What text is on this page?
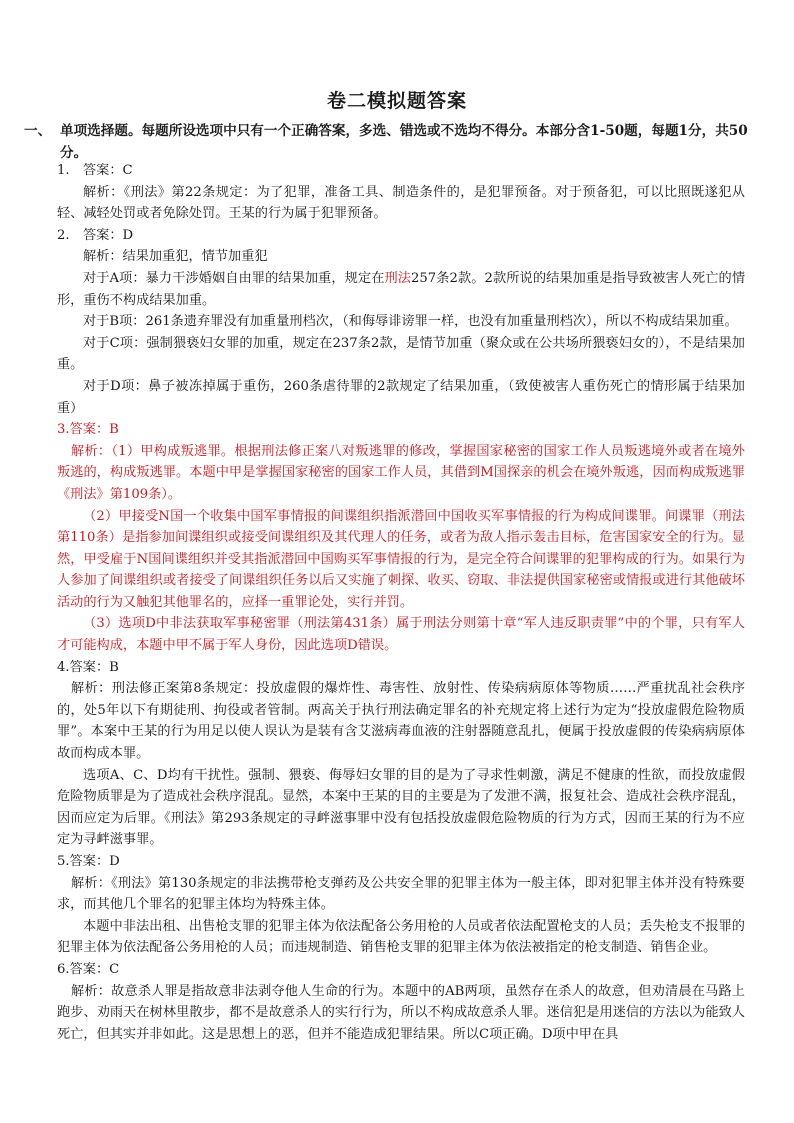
卷二模拟题答案
一、 单项选择题。每题所设选项中只有一个正确答案，多选、错选或不选均不得分。本部分含1-50题，每题1分，共50分。

1. 答案：C

解析：《刑法》第22条规定：为了犯罪，准备工具、制造条件的，是犯罪预备。对于预备犯，可以比照既遂犯从轻、减轻处罚或者免除处罚。王某的行为属于犯罪预备。

2. 答案：D

解析：结果加重犯，情节加重犯

对于A项：暴力干涉婚姻自由罪的结果加重，规定在刑法257条2款。2款所说的结果加重是指导致被害人死亡的情形，重伤不构成结果加重。

对于B项：261条遗弃罪没有加重量刑档次，（和侮辱诽谤罪一样，也没有加重量刑档次），所以不构成结果加重。

对于C项：强制猥亵妇女罪的加重，规定在237条2款，是情节加重（聚众或在公共场所猥亵妇女的），不是结果加重。

对于D项：鼻子被冻掉属于重伤，260条虐待罪的2款规定了结果加重，（致使被害人重伤死亡的情形属于结果加重）

3.答案：B

解析：（1）甲构成叛逃罪。根据刑法修正案八对叛逃罪的修改，掌握国家秘密的国家工作人员叛逃境外或者在境外叛逃的，构成叛逃罪。本题中甲是掌握国家秘密的国家工作人员，其借到M国探亲的机会在境外叛逃，因而构成叛逃罪《刑法》第109条）。

（2）甲接受N国一个收集中国军事情报的间谍组织指派潜回中国收买军事情报的行为构成间谍罪。间谍罪（刑法第110条）是指参加间谍组织或接受间谍组织及其代理人的任务，或者为敌人指示轰击目标，危害国家安全的行为。显然，甲受雇于N国间谍组织并受其指派潜回中国购买军事情报的行为，是完全符合间谍罪的犯罪构成的行为。如果行为人参加了间谍组织或者接受了间谍组织任务以后又实施了刺探、收买、窃取、非法提供国家秘密或情报或进行其他破坏活动的行为又触犯其他罪名的，应择一重罪论处，实行并罚。

（3）选项D中非法获取军事秘密罪（刑法第431条）属于刑法分则第十章“军人违反职责罪”中的个罪，只有军人才可能构成，本题中甲不属于军人身份，因此选项D错误。

4.答案：B

解析：刑法修正案第8条规定：投放虚假的爆炸性、毒害性、放射性、传染病病原体等物质……严重扰乱社会秩序的，处5年以下有期徒刑、拘役或者管制。两高关于执行刑法确定罪名的补充规定将上述行为定为“投放虚假危险物质罪”。本案中王某的行为用足以使人误认为是装有含艾滋病毒血液的注射器随意乱扎，便属于投放虚假的传染病病原体故而构成本罪。

选项A、C、D均有干扰性。强制、猥亵、侮辱妇女罪的目的是为了寻求性刺激，满足不健康的性欲，而投放虚假危险物质罪是为了造成社会秩序混乱。显然，本案中王某的目的主要是为了发泄不满，报复社会、造成社会秩序混乱，因而应定为后罪。《刑法》第293条规定的寻衅滋事罪中没有包括投放虚假危险物质的行为方式，因而王某的行为不应定为寻衅滋事罪。

5.答案：D

解析：《刑法》第130条规定的非法携带枪支弹药及公共安全罪的犯罪主体为一般主体，即对犯罪主体并没有特殊要求，而其他几个罪名的犯罪主体均为特殊主体。

本题中非法出租、出售枪支罪的犯罪主体为依法配备公务用枪的人员或者依法配置枪支的人员；丢失枪支不报罪的犯罪主体为依法配备公务用枪的人员；而违规制造、销售枪支罪的犯罪主体为依法被指定的枪支制造、销售企业。

6.答案：C

解析：故意杀人罪是指故意非法剥夺他人生命的行为。本题中的AB两项，虽然存在杀人的故意，但劝清晨在马路上跑步、劝雨天在树林里散步，都不是故意杀人的实行行为，所以不构成故意杀人罪。迷信犯是用迷信的方法以为能致人死亡，但其实并非如此。这是思想上的恶，但并不能造成犯罪结果。所以C项正确。D项中甲在具
